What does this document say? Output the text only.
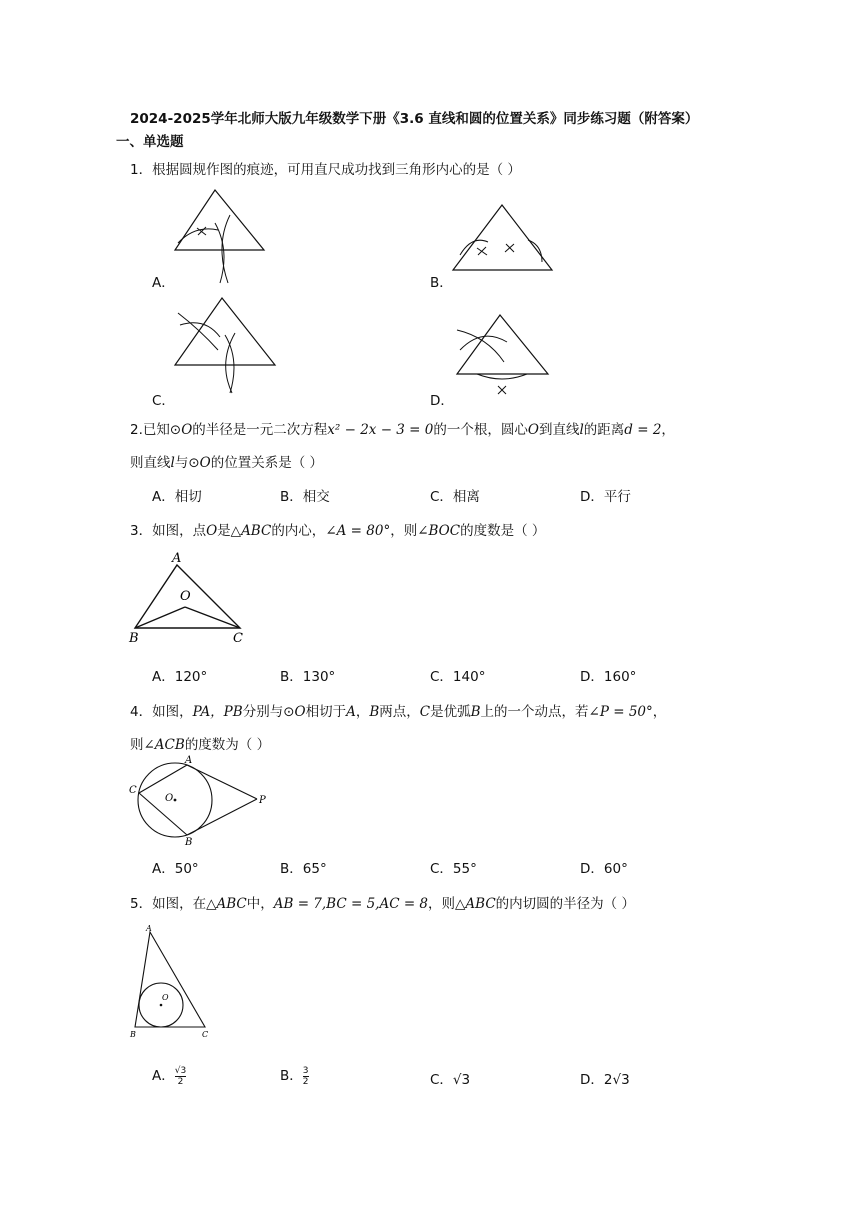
2024-2025学年北师大版九年级数学下册《3.6 直线和圆的位置关系》同步练习题（附答案）
一、单选题
1．根据圆规作图的痕迹，可用直尺成功找到三角形内心的是（ ）
A．	B．
C．	D．
2.已知⊙O的半径是一元二次方程x² − 2x − 3 = 0的一个根，圆心O到直线l的距离d = 2，
则直线l与⊙O的位置关系是（ ）
A．相切	B．相交	C．相离	D．平行
3．如图，点O是△ABC的内心，∠A = 80°，则∠BOC的度数是（ ）
A
O
B	C
A．120°	B．130°	C．140°	D．160°
4．如图，PA，PB分别与⊙O相切于A，B两点，C是优弧B上的一个动点，若∠P = 50°，
则∠ACB的度数为（ ）
A
O
C
B
P
A．50°	B．65°	C．55°	D．60°
5．如图，在△ABC中，AB = 7,BC = 5,AC = 8，则△ABC的内切圆的半径为（ ）
A
O
B	C
A．$\frac{√3}{2}$	B．$\frac{3}{2}$	C．√3	D．2√3
